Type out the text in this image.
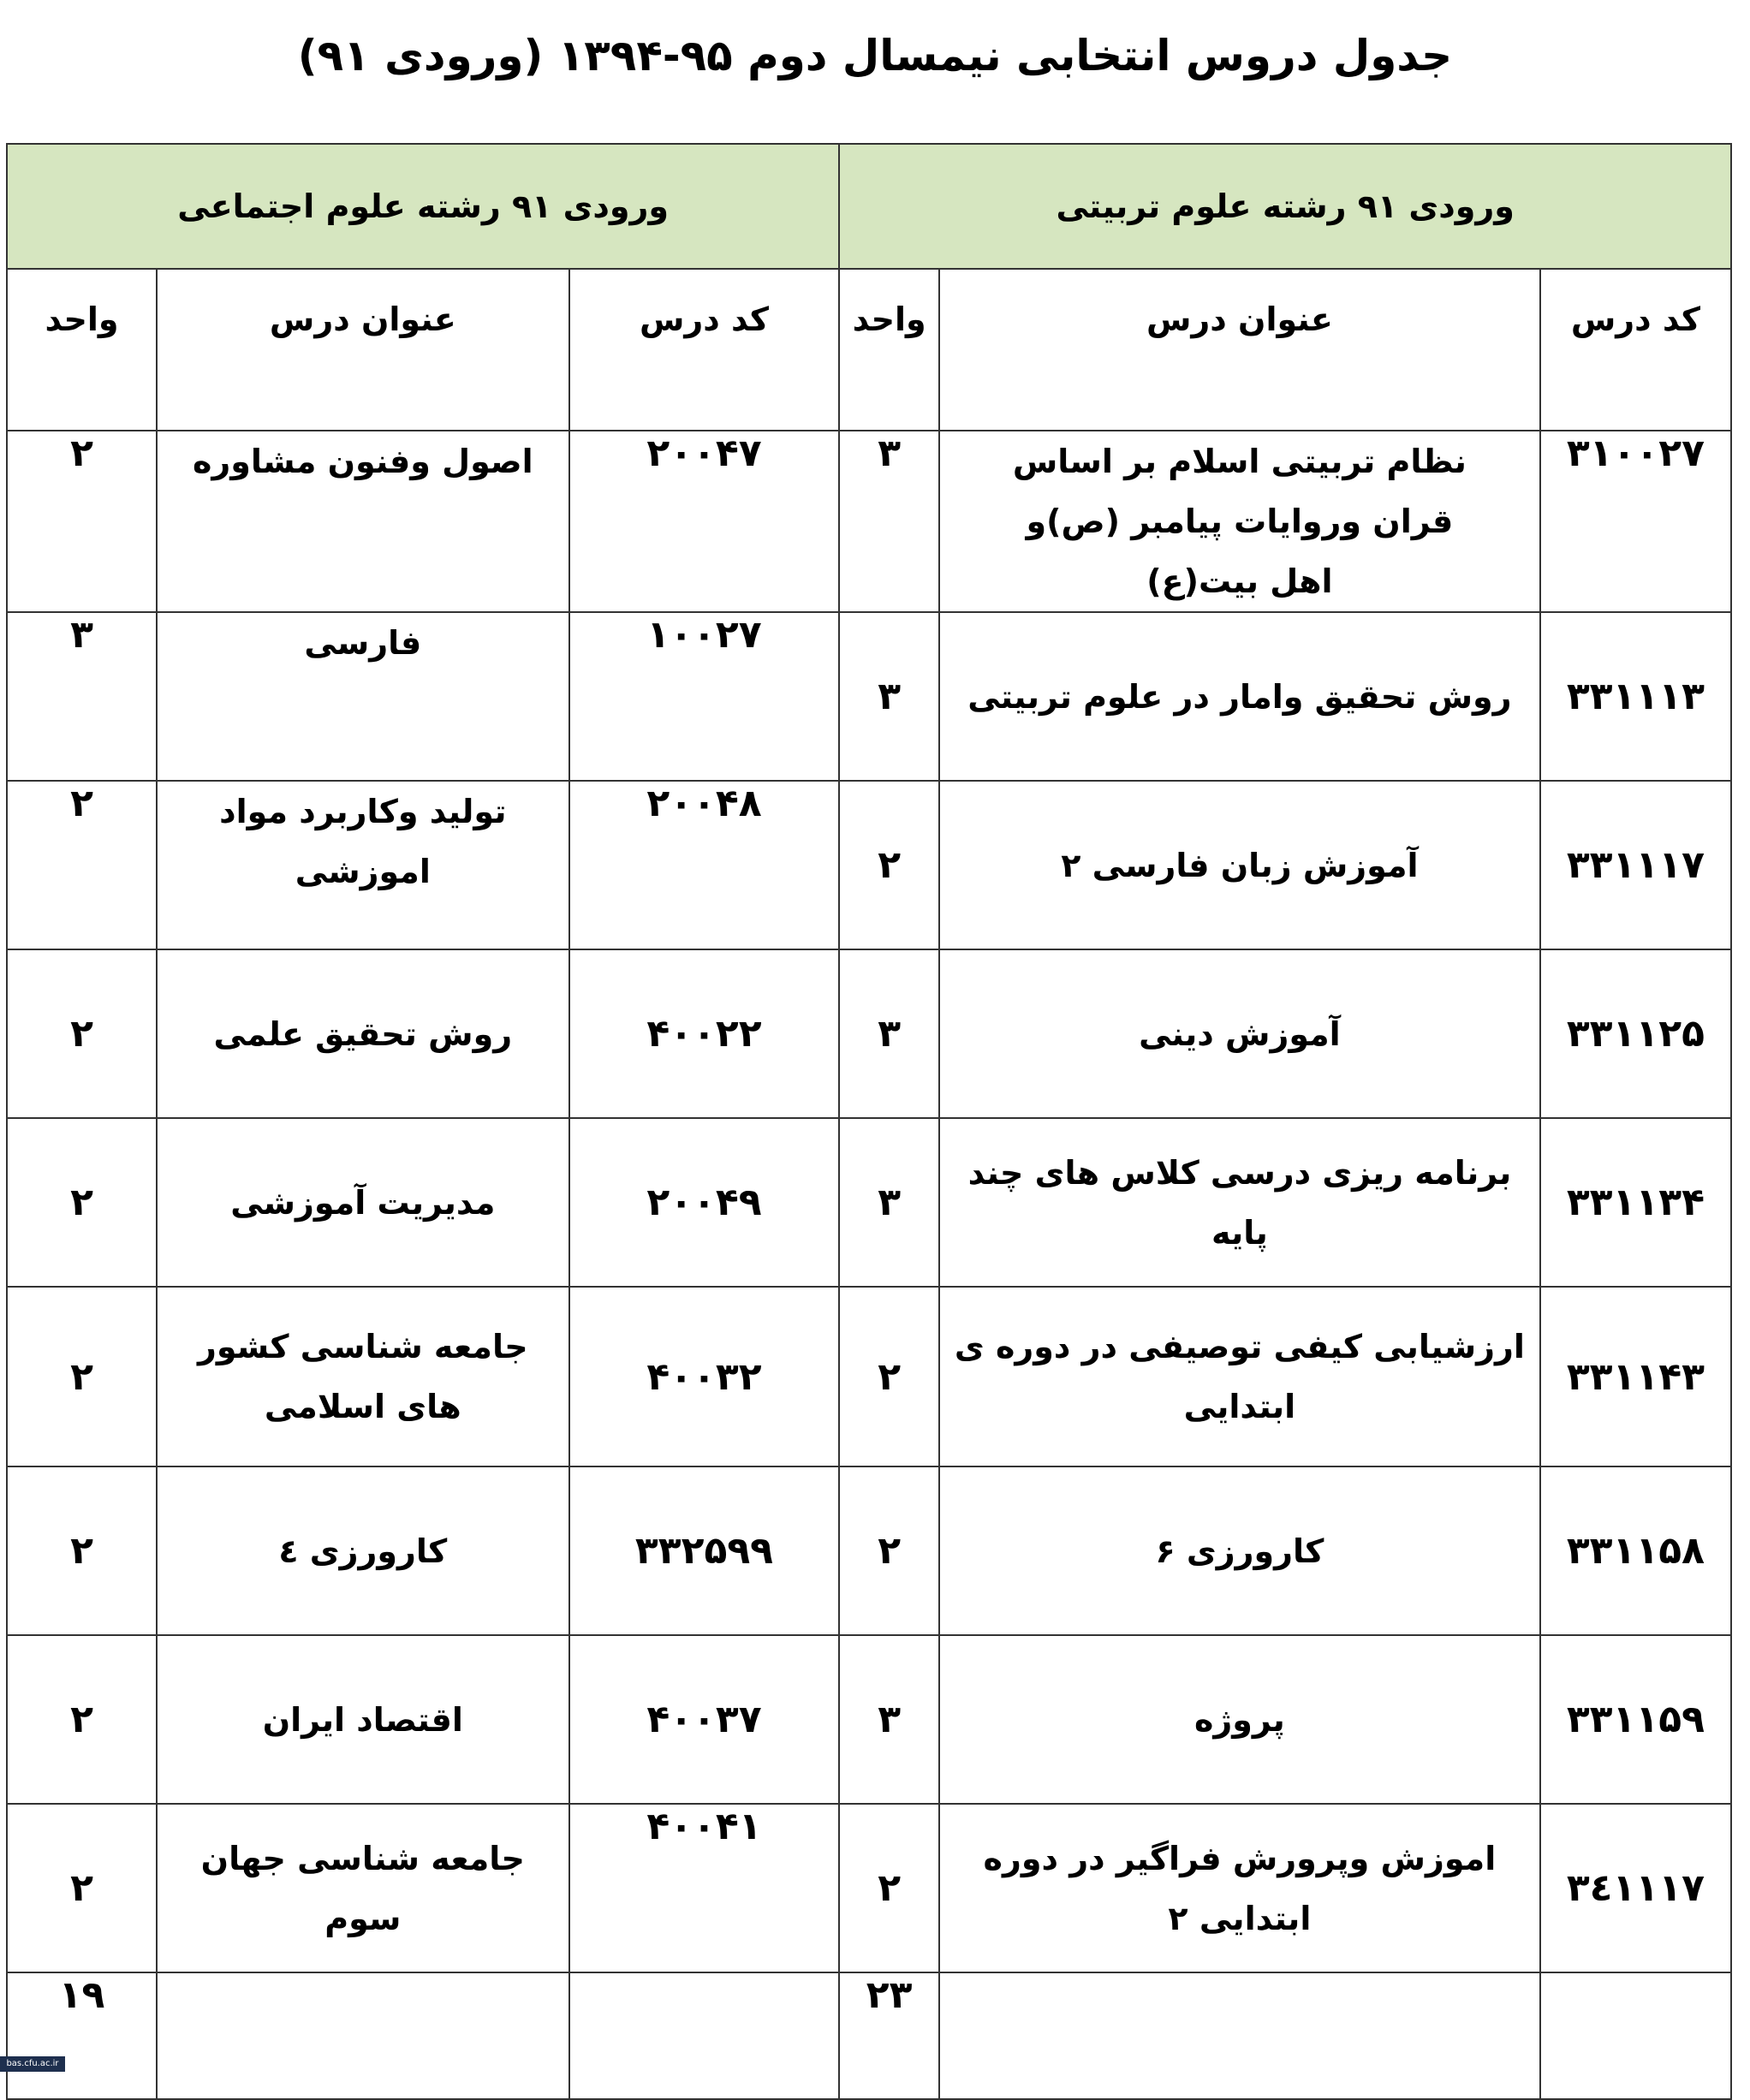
جدول دروس انتخابی نیمسال دوم ۹۵-۱۳۹۴ (ورودی ۹۱)
ورودی ۹۱ رشته علوم تربیتی			ورودی ۹۱ رشته علوم اجتماعی		
کد درس	عنوان درس	واحد	کد درس	عنوان درس	واحد
۳۱۰۰۲۷	نظام تربیتی اسلام بر اساس قران وروایات پیامبر (ص)و اهل بیت(ع)	۳	۲۰۰۴۷	اصول وفنون مشاوره	۲
۳۳۱۱۱۳	روش تحقیق وامار در علوم تربیتی	۳	۱۰۰۲۷	فارسی	۳
۳۳۱۱۱۷	آموزش زبان فارسی ۲	۲	۲۰۰۴۸	تولید وکاربرد مواد اموزشی	۲
۳۳۱۱۲۵	آموزش دینی	۳	۴۰۰۲۲	روش تحقیق علمی	۲
۳۳۱۱۳۴	برنامه ریزی درسی کلاس های چند پایه	۳	۲۰۰۴۹	مدیریت آموزشی	۲
۳۳۱۱۴۳	ارزشیابی کیفی توصیفی در دوره ی ابتدایی	۲	۴۰۰۳۲	جامعه شناسی کشور های اسلامی	۲
۳۳۱۱۵۸	کارورزی ۶	۲	۳۳۲۵۹۹	کارورزی ٤	۲
۳۳۱۱۵۹	پروژه	۳	۴۰۰۳۷	اقتصاد ایران	۲
۳٤۱۱۱۷	اموزش وپرورش فراگیر در دوره ابتدایی ۲	۲	۴۰۰۴۱	جامعه شناسی جهان سوم	۲
		۲۳			۱۹
bas.cfu.ac.ir
